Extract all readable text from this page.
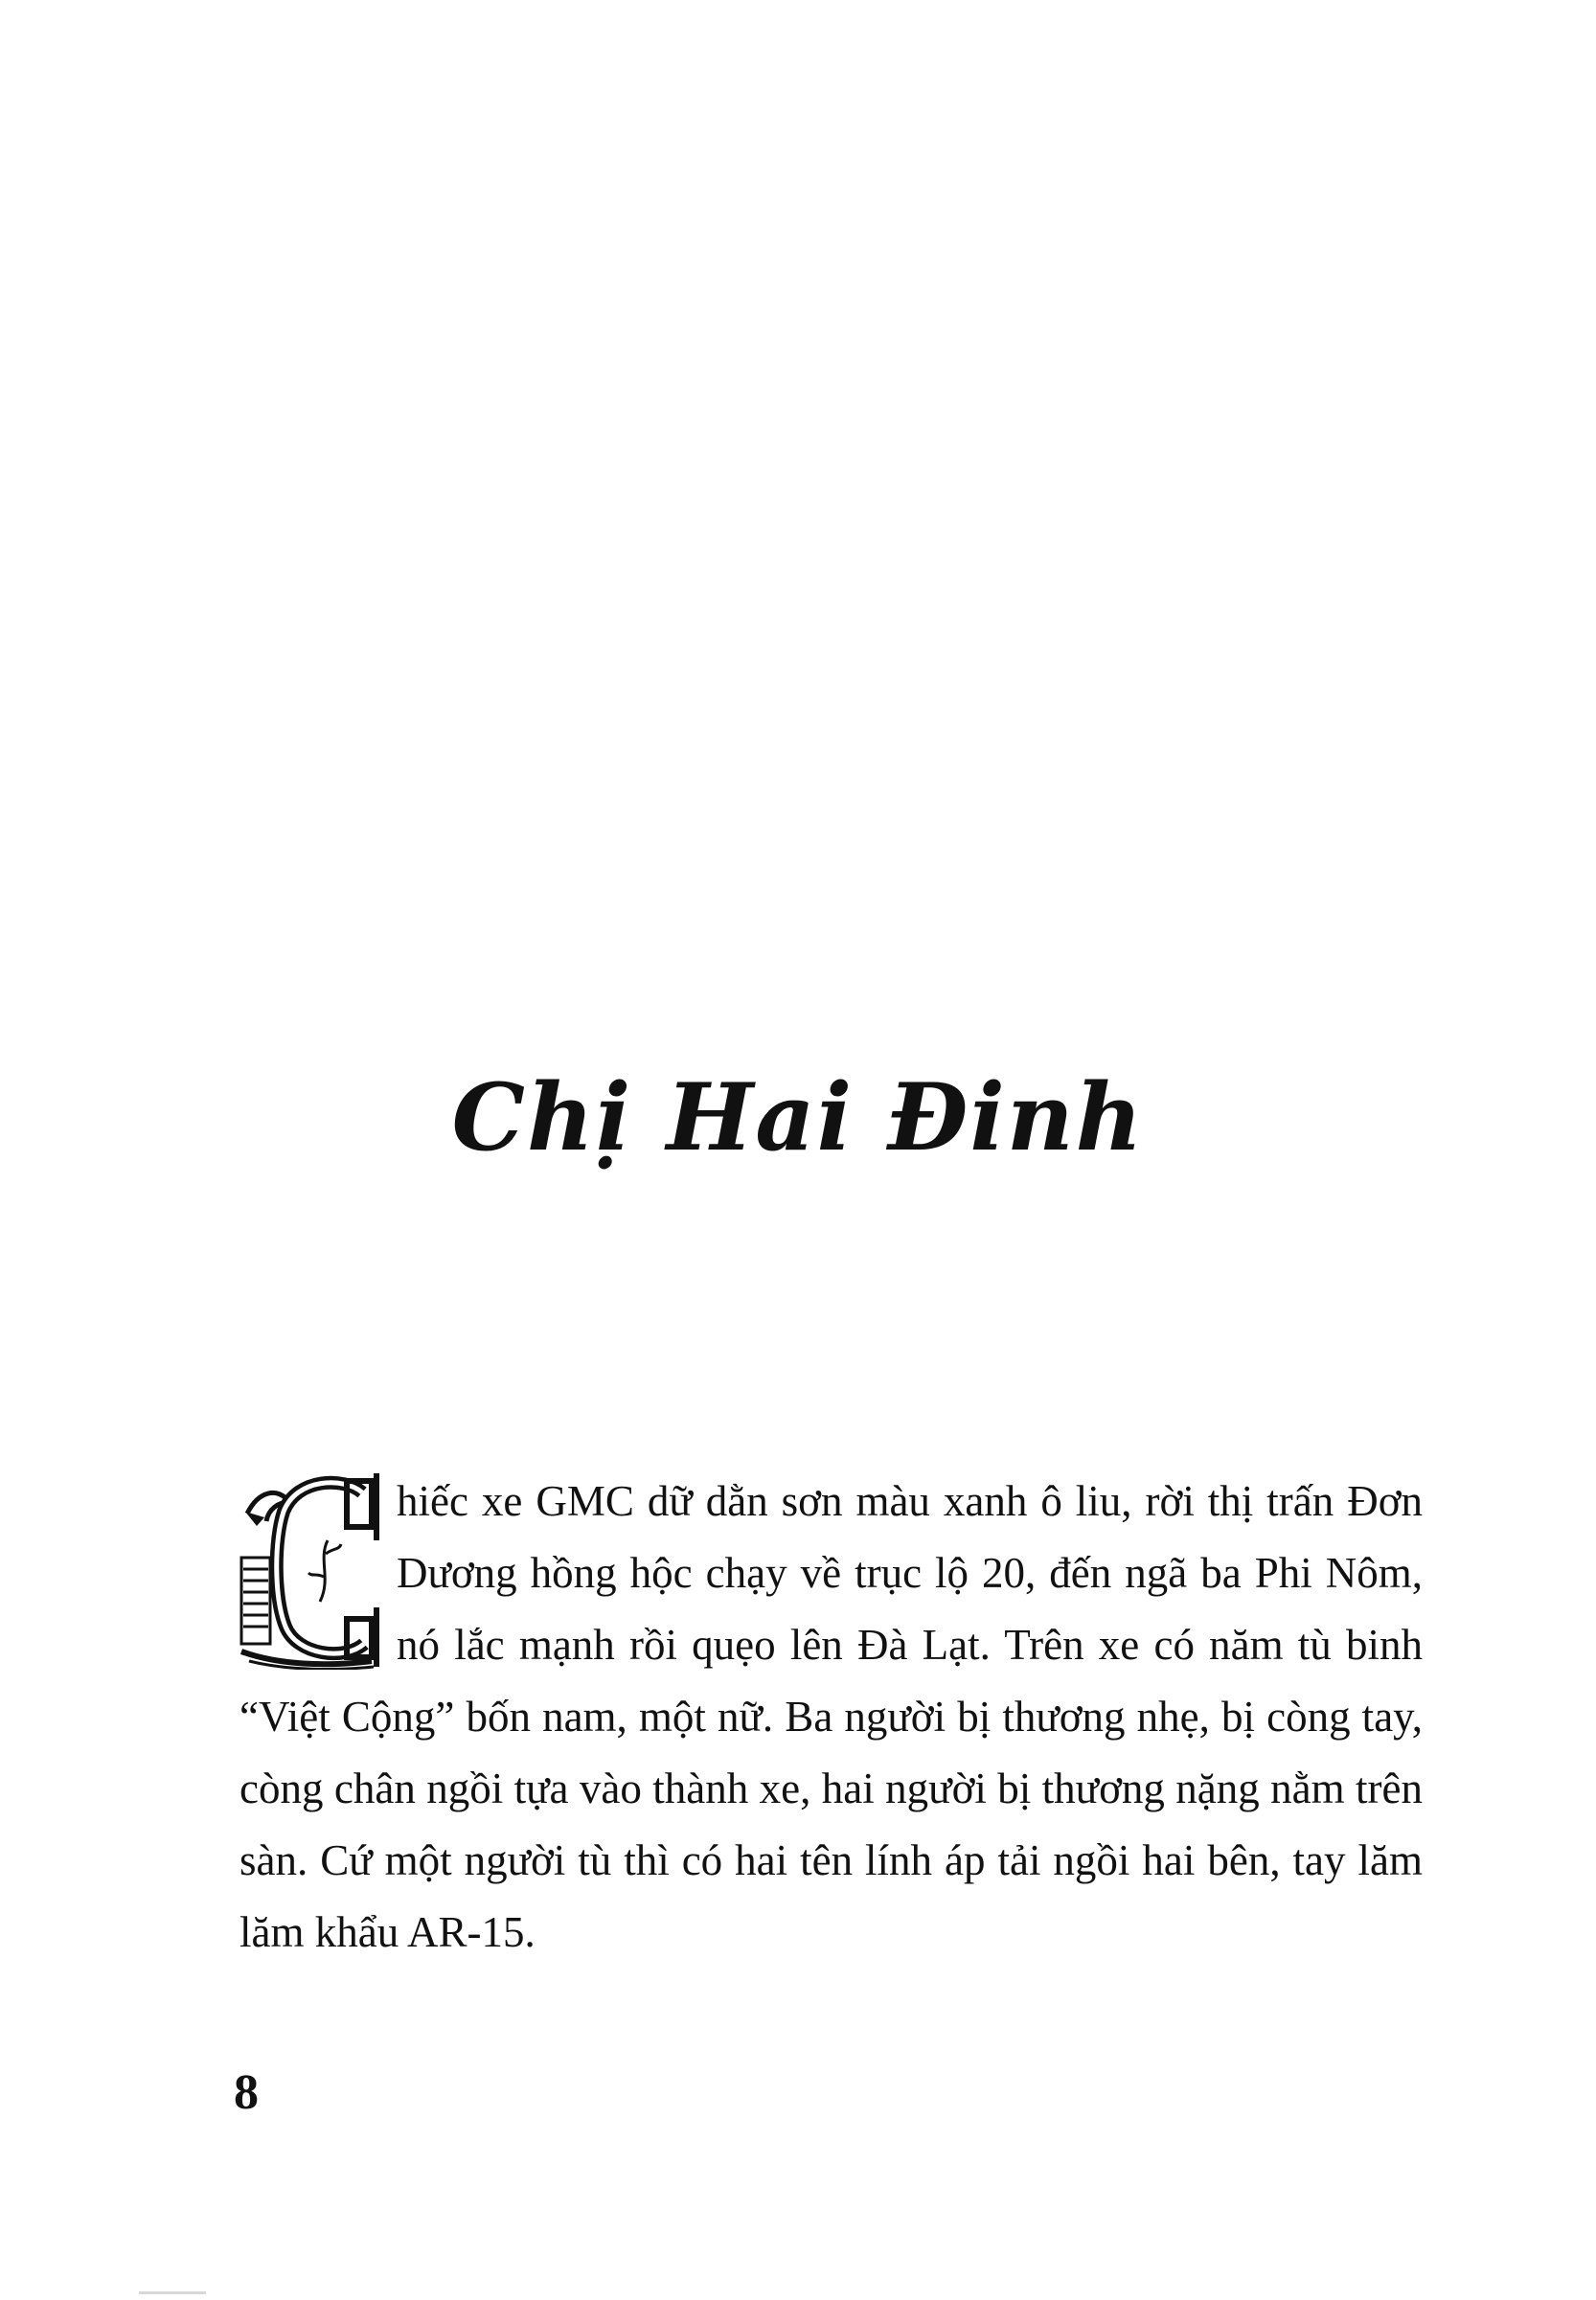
Chị Hai Đinh

hiếc xe GMC dữ dằn sơn màu xanh ô liu, rời thị trấn Đơn Dương hồng hộc chạy về trục lộ 20, đến ngã ba Phi Nôm, nó lắc mạnh rồi quẹo lên Đà Lạt. Trên xe có năm tù binh “Việt Cộng” bốn nam, một nữ. Ba người bị thương nhẹ, bị còng tay, còng chân ngồi tựa vào thành xe, hai người bị thương nặng nằm trên sàn. Cứ một người tù thì có hai tên lính áp tải ngồi hai bên, tay lăm lăm khẩu AR-15.

8
